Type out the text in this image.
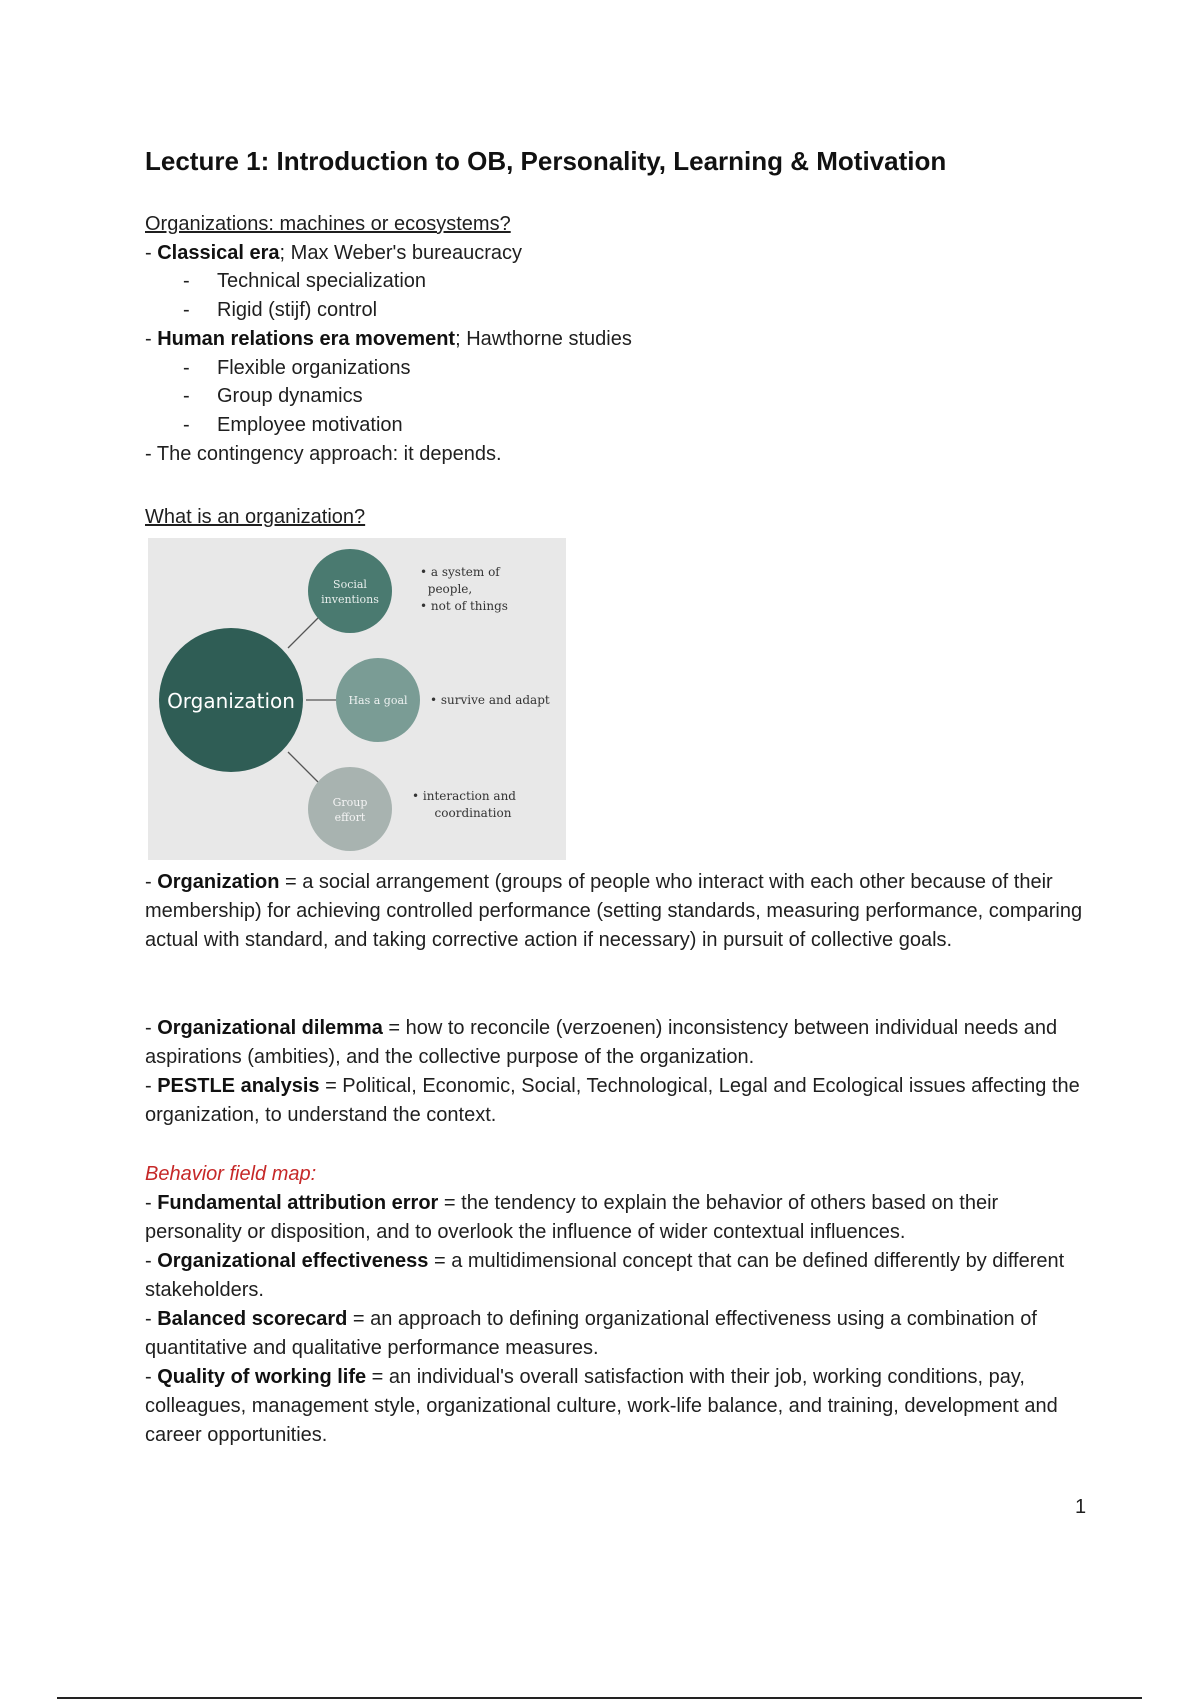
Lecture 1: Introduction to OB, Personality, Learning & Motivation
Organizations: machines or ecosystems?
- Classical era; Max Weber's bureaucracy
- Technical specialization
- Rigid (stijf) control
- Human relations era movement; Hawthorne studies
- Flexible organizations
- Group dynamics
- Employee motivation
- The contingency approach: it depends.
What is an organization?
- Organization = a social arrangement (groups of people who interact with each other because of their membership) for achieving controlled performance (setting standards, measuring performance, comparing actual with standard, and taking corrective action if necessary) in pursuit of collective goals.
- Organizational dilemma = how to reconcile (verzoenen) inconsistency between individual needs and aspirations (ambities), and the collective purpose of the organization.
- PESTLE analysis = Political, Economic, Social, Technological, Legal and Ecological issues affecting the organization, to understand the context.
Behavior field map:
- Fundamental attribution error = the tendency to explain the behavior of others based on their personality or disposition, and to overlook the influence of wider contextual influences.
- Organizational effectiveness = a multidimensional concept that can be defined differently by different stakeholders.
- Balanced scorecard = an approach to defining organizational effectiveness using a combination of quantitative and qualitative performance measures.
- Quality of working life = an individual's overall satisfaction with their job, working conditions, pay, colleagues, management style, organizational culture, work-life balance, and training, development and career opportunities.
Organization
Social
inventions
Has a goal
Group
effort
• a system of
people,
• not of things
• survive and adapt
• interaction and
coordination
1
